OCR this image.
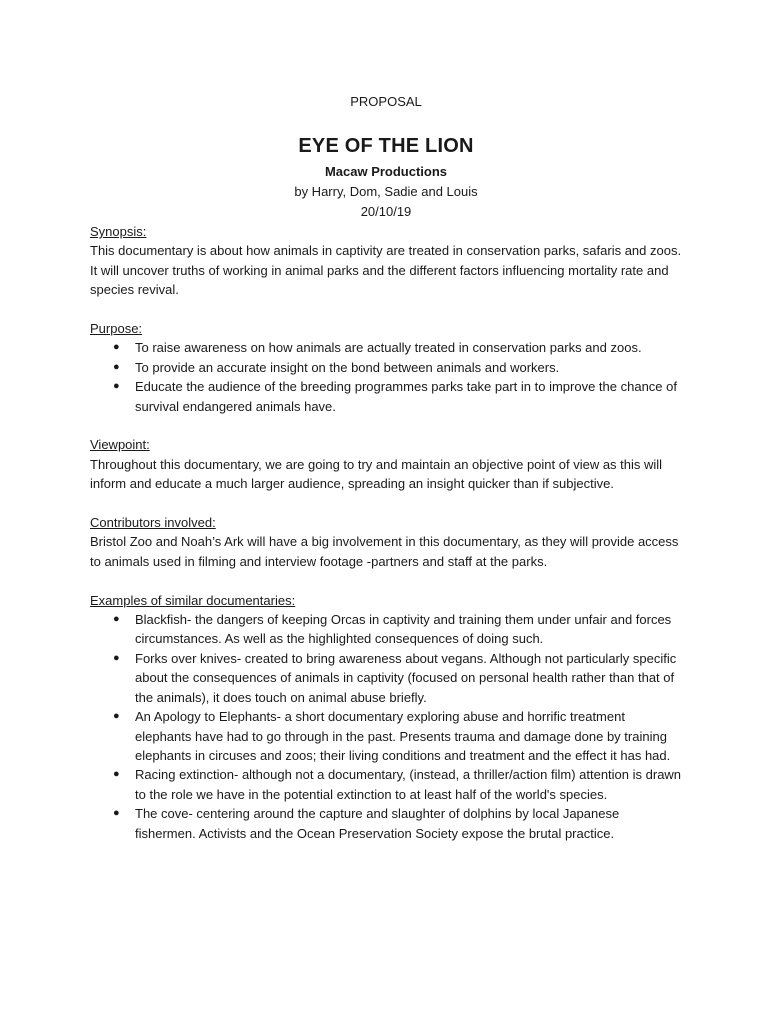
PROPOSAL

EYE OF THE LION

Macaw Productions

by Harry, Dom, Sadie and Louis

20/10/19

Synopsis:

This documentary is about how animals in captivity are treated in conservation parks, safaris and zoos. It will uncover truths of working in animal parks and the different factors influencing mortality rate and species revival.

Purpose:

● To raise awareness on how animals are actually treated in conservation parks and zoos.
● To provide an accurate insight on the bond between animals and workers.
● Educate the audience of the breeding programmes parks take part in to improve the chance of survival endangered animals have.

Viewpoint:

Throughout this documentary, we are going to try and maintain an objective point of view as this will inform and educate a much larger audience, spreading an insight quicker than if subjective.

Contributors involved:

Bristol Zoo and Noah’s Ark will have a big involvement in this documentary, as they will provide access to animals used in filming and interview footage -partners and staff at the parks.

Examples of similar documentaries:

● Blackfish- the dangers of keeping Orcas in captivity and training them under unfair and forces circumstances. As well as the highlighted consequences of doing such.
● Forks over knives- created to bring awareness about vegans. Although not particularly specific about the consequences of animals in captivity (focused on personal health rather than that of the animals), it does touch on animal abuse briefly.
● An Apology to Elephants- a short documentary exploring abuse and horrific treatment elephants have had to go through in the past. Presents trauma and damage done by training elephants in circuses and zoos; their living conditions and treatment and the effect it has had.
● Racing extinction- although not a documentary, (instead, a thriller/action film) attention is drawn to the role we have in the potential extinction to at least half of the world's species.
● The cove- centering around the capture and slaughter of dolphins by local Japanese fishermen. Activists and the Ocean Preservation Society expose the brutal practice.
